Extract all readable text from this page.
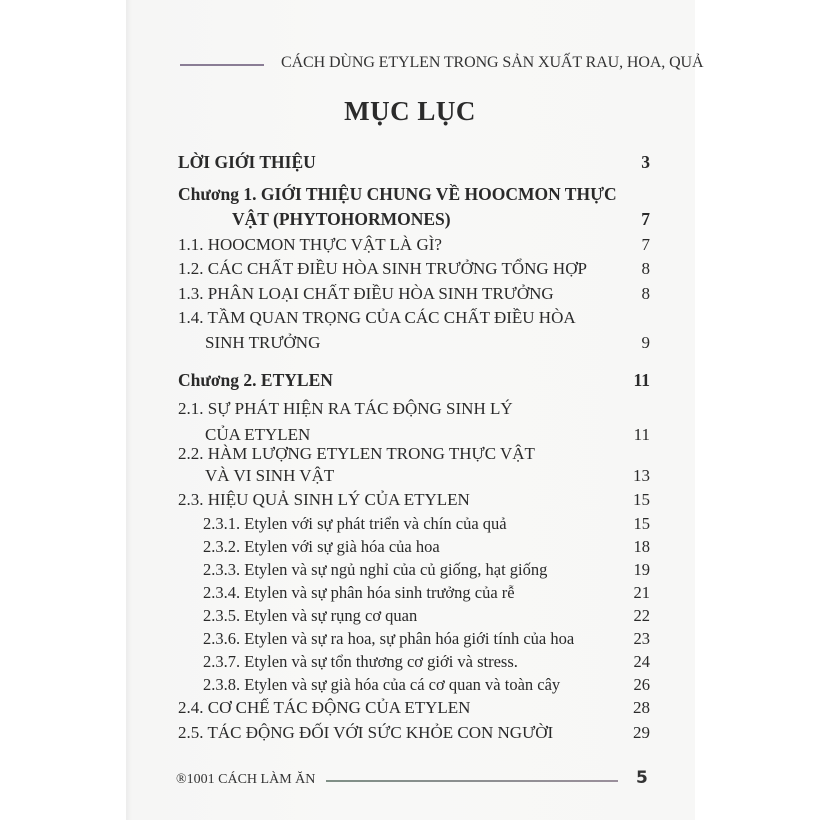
CÁCH DÙNG ETYLEN TRONG SẢN XUẤT RAU, HOA, QUẢ
MỤC LỤC
LỜI GIỚI THIỆU	3
Chương 1. GIỚI THIỆU CHUNG VỀ HOOCMON THỰC
VẬT (PHYTOHORMONES)	7
1.1. HOOCMON THỰC VẬT LÀ GÌ?	7
1.2. CÁC CHẤT ĐIỀU HÒA SINH TRƯỞNG TỔNG HỢP	8
1.3. PHÂN LOẠI CHẤT ĐIỀU HÒA SINH TRƯỞNG	8
1.4. TẦM QUAN TRỌNG CỦA CÁC CHẤT ĐIỀU HÒA
SINH TRƯỞNG	9
Chương 2. ETYLEN	11
2.1. SỰ PHÁT HIỆN RA TÁC ĐỘNG SINH LÝ
CỦA ETYLEN	11
2.2. HÀM LƯỢNG ETYLEN TRONG THỰC VẬT
VÀ VI SINH VẬT	13
2.3. HIỆU QUẢ SINH LÝ CỦA ETYLEN	15
2.3.1. Etylen với sự phát triển và chín của quả	15
2.3.2. Etylen với sự già hóa của hoa	18
2.3.3. Etylen và sự ngủ nghỉ của củ giống, hạt giống	19
2.3.4. Etylen và sự phân hóa sinh trưởng của rễ	21
2.3.5. Etylen và sự rụng cơ quan	22
2.3.6. Etylen và sự ra hoa, sự phân hóa giới tính của hoa	23
2.3.7. Etylen và sự tổn thương cơ giới và stress.	24
2.3.8. Etylen và sự già hóa của cá cơ quan và toàn cây	26
2.4. CƠ CHẾ TÁC ĐỘNG CỦA ETYLEN	28
2.5. TÁC ĐỘNG ĐỐI VỚI SỨC KHỎE CON NGƯỜI	29
®1001 CÁCH LÀM ĂN	5
